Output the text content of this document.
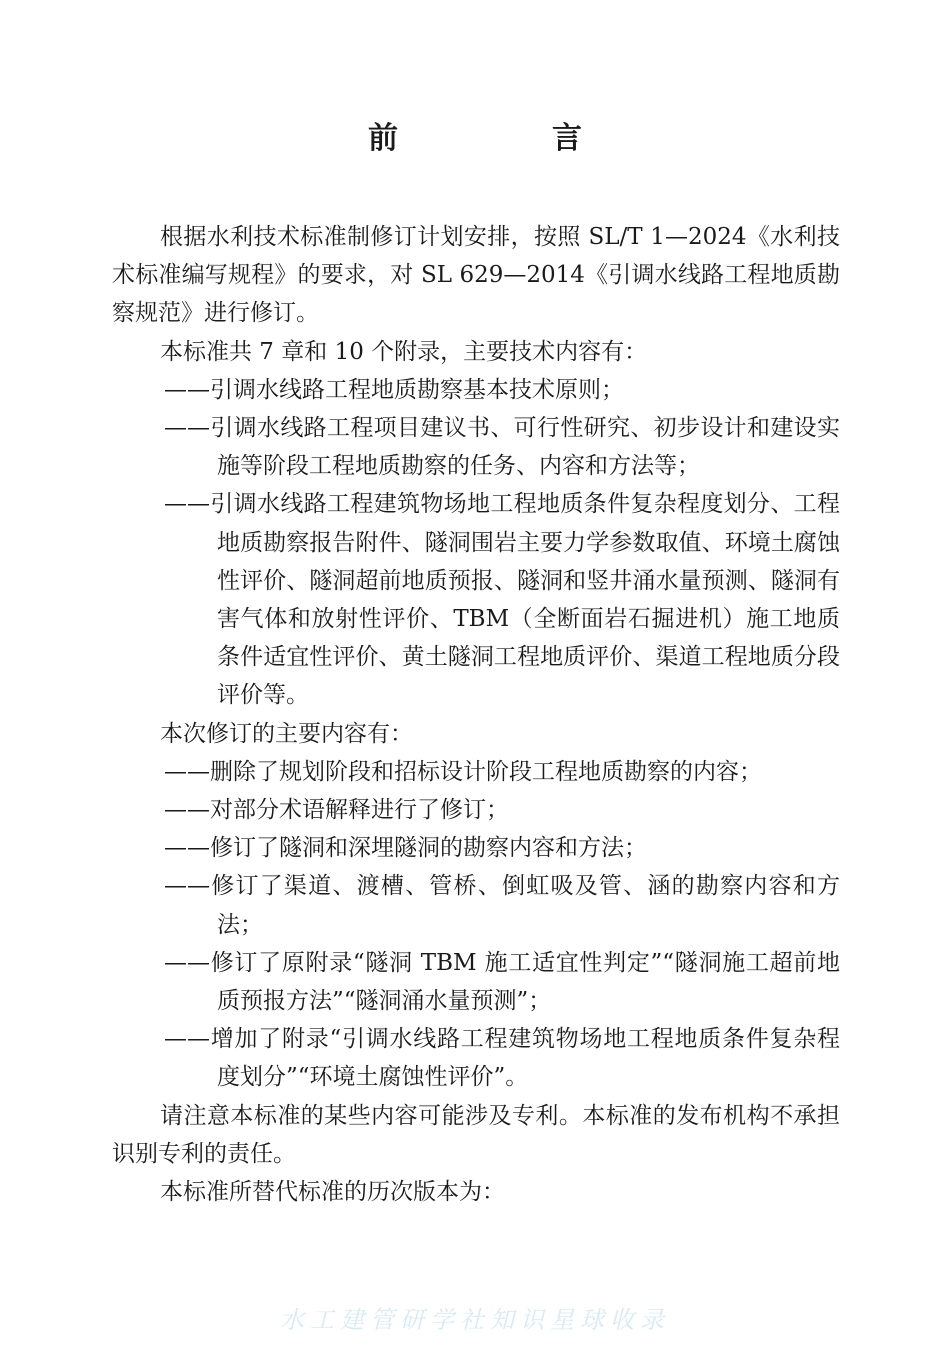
前　言

根据水利技术标准制修订计划安排，按照 SL/T 1—2024《水利技术标准编写规程》的要求，对 SL 629—2014《引调水线路工程地质勘察规范》进行修订。

本标准共 7 章和 10 个附录，主要技术内容有：

——引调水线路工程地质勘察基本技术原则；

——引调水线路工程项目建议书、可行性研究、初步设计和建设实施等阶段工程地质勘察的任务、内容和方法等；

——引调水线路工程建筑物场地工程地质条件复杂程度划分、工程地质勘察报告附件、隧洞围岩主要力学参数取值、环境土腐蚀性评价、隧洞超前地质预报、隧洞和竖井涌水量预测、隧洞有害气体和放射性评价、TBM（全断面岩石掘进机）施工地质条件适宜性评价、黄土隧洞工程地质评价、渠道工程地质分段评价等。

本次修订的主要内容有：

——删除了规划阶段和招标设计阶段工程地质勘察的内容；

——对部分术语解释进行了修订；

——修订了隧洞和深埋隧洞的勘察内容和方法；

——修订了渠道、渡槽、管桥、倒虹吸及管、涵的勘察内容和方法；

——修订了原附录“隧洞 TBM 施工适宜性判定”“隧洞施工超前地质预报方法”“隧洞涌水量预测”；

——增加了附录“引调水线路工程建筑物场地工程地质条件复杂程度划分”“环境土腐蚀性评价”。

请注意本标准的某些内容可能涉及专利。本标准的发布机构不承担识别专利的责任。

本标准所替代标准的历次版本为：

水工建管研学社知识星球收录
